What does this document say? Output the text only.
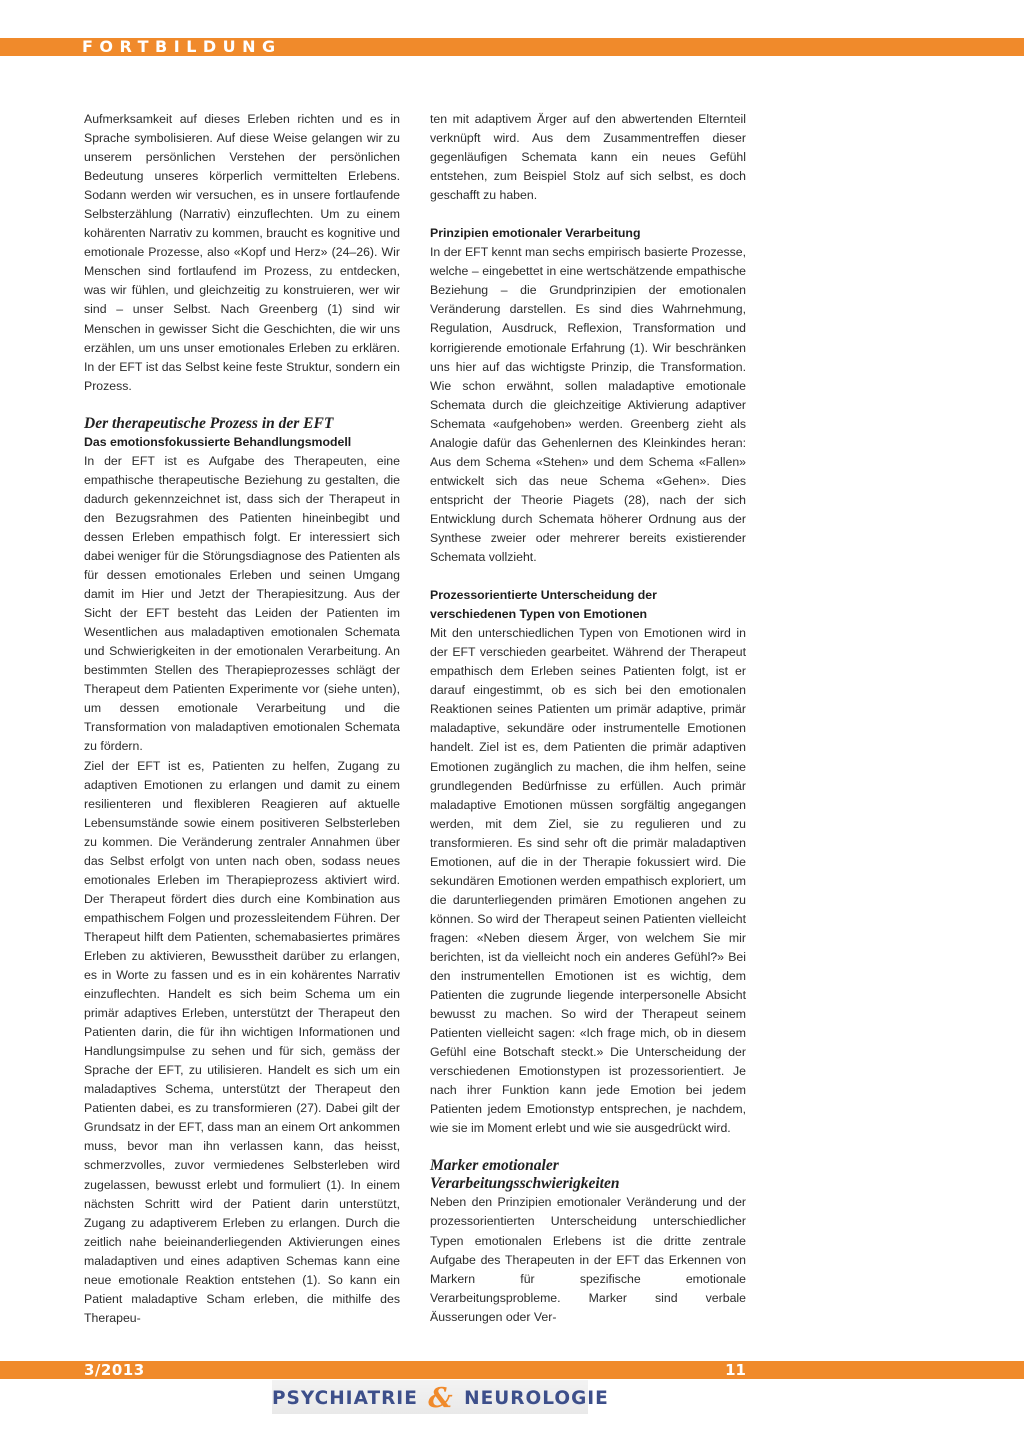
FORTBILDUNG

Aufmerksamkeit auf dieses Erleben richten und es in Sprache symbolisieren. Auf diese Weise gelangen wir zu unserem persönlichen Verstehen der persönlichen Bedeutung unseres körperlich vermittelten Erlebens. Sodann werden wir versuchen, es in unsere fortlaufende Selbsterzählung (Narrativ) einzuflechten. Um zu einem kohärenten Narrativ zu kommen, braucht es kognitive und emotionale Prozesse, also «Kopf und Herz» (24–26). Wir Menschen sind fortlaufend im Prozess, zu entdecken, was wir fühlen, und gleichzeitig zu konstruieren, wer wir sind – unser Selbst. Nach Greenberg (1) sind wir Menschen in gewisser Sicht die Geschichten, die wir uns erzählen, um uns unser emotionales Erleben zu erklären. In der EFT ist das Selbst keine feste Struktur, sondern ein Prozess.

Der therapeutische Prozess in der EFT
Das emotionsfokussierte Behandlungsmodell

In der EFT ist es Aufgabe des Therapeuten, eine empathische therapeutische Beziehung zu gestalten, die dadurch gekennzeichnet ist, dass sich der Therapeut in den Bezugsrahmen des Patienten hineinbegibt und dessen Erleben empathisch folgt. Er interessiert sich dabei weniger für die Störungsdiagnose des Patienten als für dessen emotionales Erleben und seinen Umgang damit im Hier und Jetzt der Therapiesitzung. Aus der Sicht der EFT besteht das Leiden der Patienten im Wesentlichen aus maladaptiven emotionalen Schemata und Schwierigkeiten in der emotionalen Verarbeitung. An bestimmten Stellen des Therapieprozesses schlägt der Therapeut dem Patienten Experimente vor (siehe unten), um dessen emotionale Verarbeitung und die Transformation von maladaptiven emotionalen Schemata zu fördern.

Ziel der EFT ist es, Patienten zu helfen, Zugang zu adaptiven Emotionen zu erlangen und damit zu einem resilienteren und flexibleren Reagieren auf aktuelle Lebensumstände sowie einem positiveren Selbsterleben zu kommen. Die Veränderung zentraler Annahmen über das Selbst erfolgt von unten nach oben, sodass neues emotionales Erleben im Therapieprozess aktiviert wird. Der Therapeut fördert dies durch eine Kombination aus empathischem Folgen und prozessleitendem Führen. Der Therapeut hilft dem Patienten, schemabasiertes primäres Erleben zu aktivieren, Bewusstheit darüber zu erlangen, es in Worte zu fassen und es in ein kohärentes Narrativ einzuflechten. Handelt es sich beim Schema um ein primär adaptives Erleben, unterstützt der Therapeut den Patienten darin, die für ihn wichtigen Informationen und Handlungsimpulse zu sehen und für sich, gemäss der Sprache der EFT, zu utilisieren. Handelt es sich um ein maladaptives Schema, unterstützt der Therapeut den Patienten dabei, es zu transformieren (27). Dabei gilt der Grundsatz in der EFT, dass man an einem Ort ankommen muss, bevor man ihn verlassen kann, das heisst, schmerzvolles, zuvor vermiedenes Selbsterleben wird zugelassen, bewusst erlebt und formuliert (1). In einem nächsten Schritt wird der Patient darin unterstützt, Zugang zu adaptiverem Erleben zu erlangen. Durch die zeitlich nahe beieinanderliegenden Aktivierungen eines maladaptiven und eines adaptiven Schemas kann eine neue emotionale Reaktion entstehen (1). So kann ein Patient maladaptive Scham erleben, die mithilfe des Therapeu-

ten mit adaptivem Ärger auf den abwertenden Elternteil verknüpft wird. Aus dem Zusammentreffen dieser gegenläufigen Schemata kann ein neues Gefühl entstehen, zum Beispiel Stolz auf sich selbst, es doch geschafft zu haben.

Prinzipien emotionaler Verarbeitung

In der EFT kennt man sechs empirisch basierte Prozesse, welche – eingebettet in eine wertschätzende empathische Beziehung – die Grundprinzipien der emotionalen Veränderung darstellen. Es sind dies Wahrnehmung, Regulation, Ausdruck, Reflexion, Transformation und korrigierende emotionale Erfahrung (1). Wir beschränken uns hier auf das wichtigste Prinzip, die Transformation. Wie schon erwähnt, sollen maladaptive emotionale Schemata durch die gleichzeitige Aktivierung adaptiver Schemata «aufgehoben» werden. Greenberg zieht als Analogie dafür das Gehenlernen des Kleinkindes heran: Aus dem Schema «Stehen» und dem Schema «Fallen» entwickelt sich das neue Schema «Gehen». Dies entspricht der Theorie Piagets (28), nach der sich Entwicklung durch Schemata höherer Ordnung aus der Synthese zweier oder mehrerer bereits existierender Schemata vollzieht.

Prozessorientierte Unterscheidung der verschiedenen Typen von Emotionen

Mit den unterschiedlichen Typen von Emotionen wird in der EFT verschieden gearbeitet. Während der Therapeut empathisch dem Erleben seines Patienten folgt, ist er darauf eingestimmt, ob es sich bei den emotionalen Reaktionen seines Patienten um primär adaptive, primär maladaptive, sekundäre oder instrumentelle Emotionen handelt. Ziel ist es, dem Patienten die primär adaptiven Emotionen zugänglich zu machen, die ihm helfen, seine grundlegenden Bedürfnisse zu erfüllen. Auch primär maladaptive Emotionen müssen sorgfältig angegangen werden, mit dem Ziel, sie zu regulieren und zu transformieren. Es sind sehr oft die primär maladaptiven Emotionen, auf die in der Therapie fokussiert wird. Die sekundären Emotionen werden empathisch exploriert, um die darunterliegenden primären Emotionen angehen zu können. So wird der Therapeut seinen Patienten vielleicht fragen: «Neben diesem Ärger, von welchem Sie mir berichten, ist da vielleicht noch ein anderes Gefühl?» Bei den instrumentellen Emotionen ist es wichtig, dem Patienten die zugrunde liegende interpersonelle Absicht bewusst zu machen. So wird der Therapeut seinem Patienten vielleicht sagen: «Ich frage mich, ob in diesem Gefühl eine Botschaft steckt.» Die Unterscheidung der verschiedenen Emotionstypen ist prozessorientiert. Je nach ihrer Funktion kann jede Emotion bei jedem Patienten jedem Emotionstyp entsprechen, je nachdem, wie sie im Moment erlebt und wie sie ausgedrückt wird.

Marker emotionaler Verarbeitungsschwierigkeiten

Neben den Prinzipien emotionaler Veränderung und der prozessorientierten Unterscheidung unterschiedlicher Typen emotionalen Erlebens ist die dritte zentrale Aufgabe des Therapeuten in der EFT das Erkennen von Markern für spezifische emotionale Verarbeitungsprobleme. Marker sind verbale Äusserungen oder Ver-

3/2013	11
PSYCHIATRIE & NEUROLOGIE
